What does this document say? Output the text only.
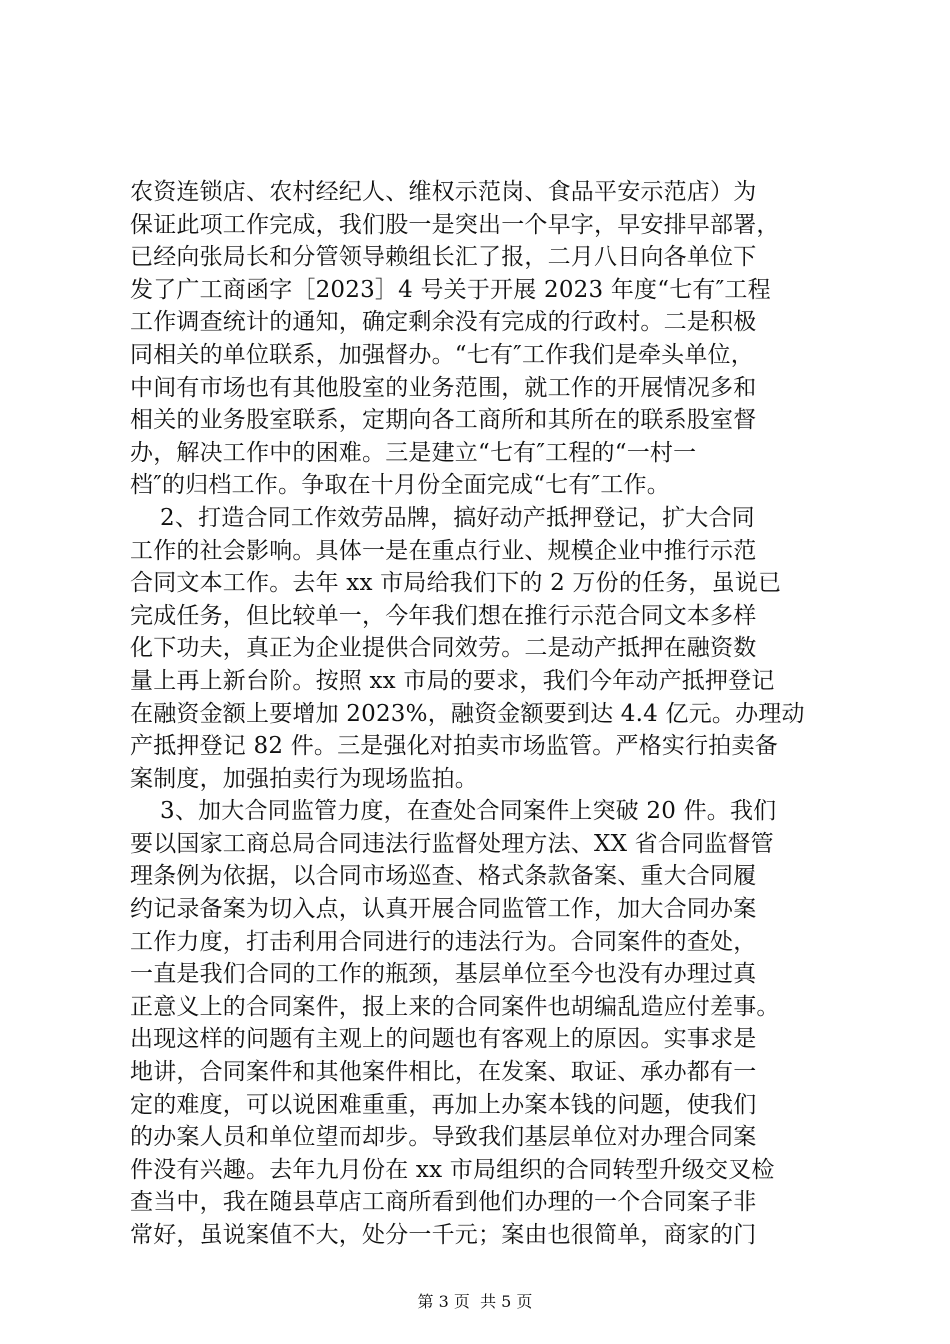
农资连锁店、农村经纪人、维权示范岗、食品平安示范店）为
保证此项工作完成，我们股一是突出一个早字，早安排早部署，
已经向张局长和分管领导赖组长汇了报，二月八日向各单位下
发了广工商函字［2023］4 号关于开展 2023 年度“七有″工程
工作调查统计的通知，确定剩余没有完成的行政村。二是积极
同相关的单位联系，加强督办。“七有″工作我们是牵头单位，
中间有市场也有其他股室的业务范围，就工作的开展情况多和
相关的业务股室联系，定期向各工商所和其所在的联系股室督
办，解决工作中的困难。三是建立“七有″工程的“一村一
档″的归档工作。争取在十月份全面完成“七有″工作。
2、打造合同工作效劳品牌，搞好动产抵押登记，扩大合同
工作的社会影响。具体一是在重点行业、规模企业中推行示范
合同文本工作。去年 xx 市局给我们下的 2 万份的任务，虽说已
完成任务，但比较单一，今年我们想在推行示范合同文本多样
化下功夫，真正为企业提供合同效劳。二是动产抵押在融资数
量上再上新台阶。按照 xx 市局的要求，我们今年动产抵押登记
在融资金额上要增加 2023%，融资金额要到达 4.4 亿元。办理动
产抵押登记 82 件。三是强化对拍卖市场监管。严格实行拍卖备
案制度，加强拍卖行为现场监拍。
3、加大合同监管力度，在查处合同案件上突破 20 件。我们
要以国家工商总局合同违法行监督处理方法、XX 省合同监督管
理条例为依据，以合同市场巡查、格式条款备案、重大合同履
约记录备案为切入点，认真开展合同监管工作，加大合同办案
工作力度，打击利用合同进行的违法行为。合同案件的查处，
一直是我们合同的工作的瓶颈，基层单位至今也没有办理过真
正意义上的合同案件，报上来的合同案件也胡编乱造应付差事。
出现这样的问题有主观上的问题也有客观上的原因。实事求是
地讲，合同案件和其他案件相比，在发案、取证、承办都有一
定的难度，可以说困难重重，再加上办案本钱的问题，使我们
的办案人员和单位望而却步。导致我们基层单位对办理合同案
件没有兴趣。去年九月份在 xx 市局组织的合同转型升级交叉检
查当中，我在随县草店工商所看到他们办理的一个合同案子非
常好，虽说案值不大，处分一千元；案由也很简单，商家的门
第 3 页  共 5 页
